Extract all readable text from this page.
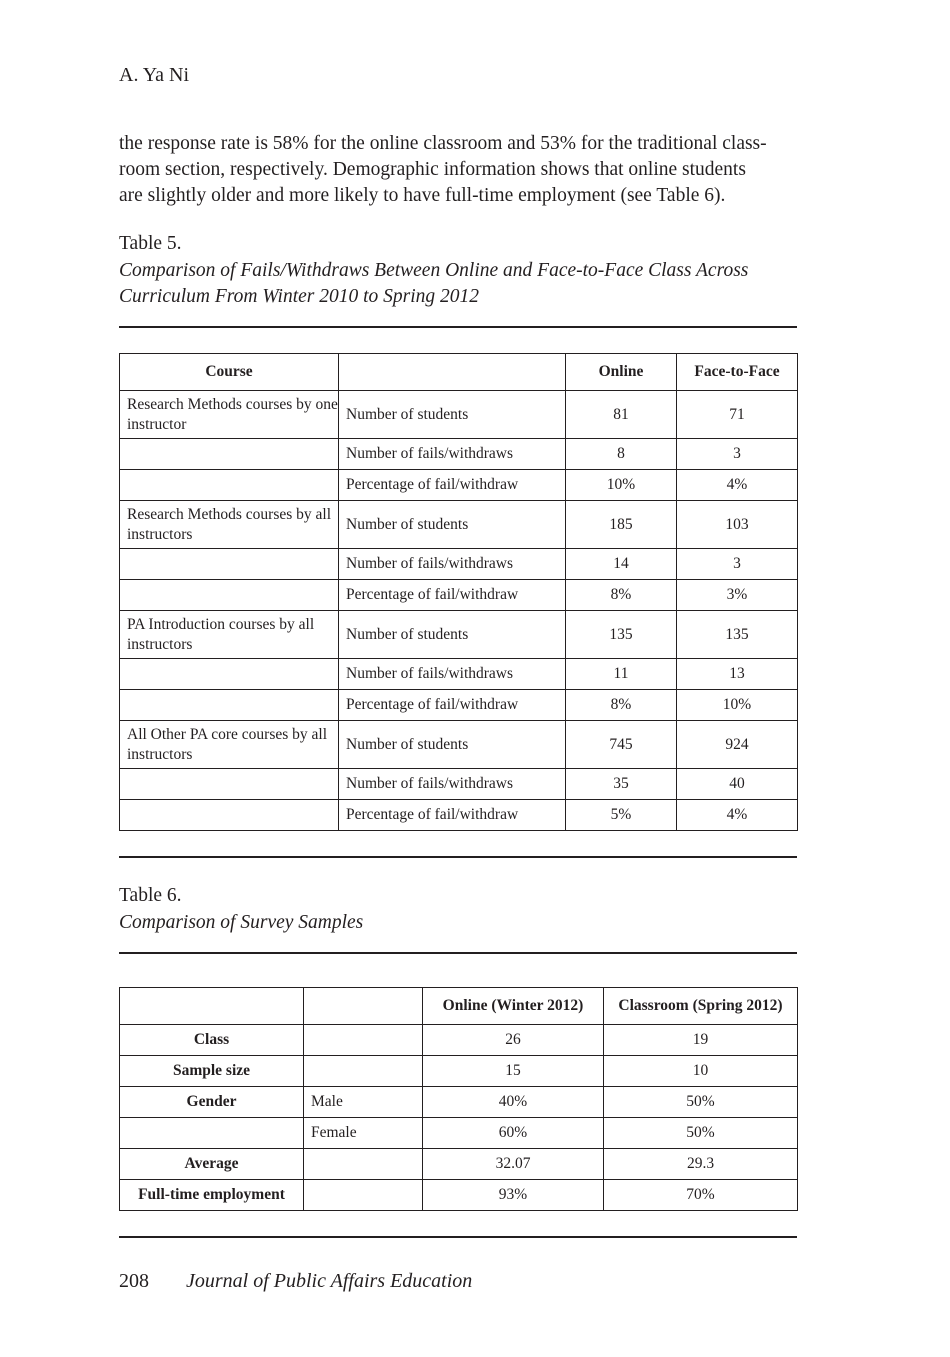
A. Ya Ni
the response rate is 58% for the online classroom and 53% for the traditional class-
room section, respectively. Demographic information shows that online students
are slightly older and more likely to have full-time employment (see Table 6).
Table 5.
Comparison of Fails/Withdraws Between Online and Face-to-Face Class Across
Curriculum From Winter 2010 to Spring 2012
Course		Online	Face-to-Face
Research Methods courses by one instructor	Number of students	81	71
	Number of fails/withdraws	8	3
	Percentage of fail/withdraw	10%	4%
Research Methods courses by all instructors	Number of students	185	103
	Number of fails/withdraws	14	3
	Percentage of fail/withdraw	8%	3%
PA Introduction courses by all instructors	Number of students	135	135
	Number of fails/withdraws	11	13
	Percentage of fail/withdraw	8%	10%
All Other PA core courses by all instructors	Number of students	745	924
	Number of fails/withdraws	35	40
	Percentage of fail/withdraw	5%	4%
Table 6.
Comparison of Survey Samples
		Online (Winter 2012)	Classroom (Spring 2012)
Class		26	19
Sample size		15	10
Gender	Male	40%	50%
	Female	60%	50%
Average		32.07	29.3
Full-time employment		93%	70%
208 Journal of Public Affairs Education
